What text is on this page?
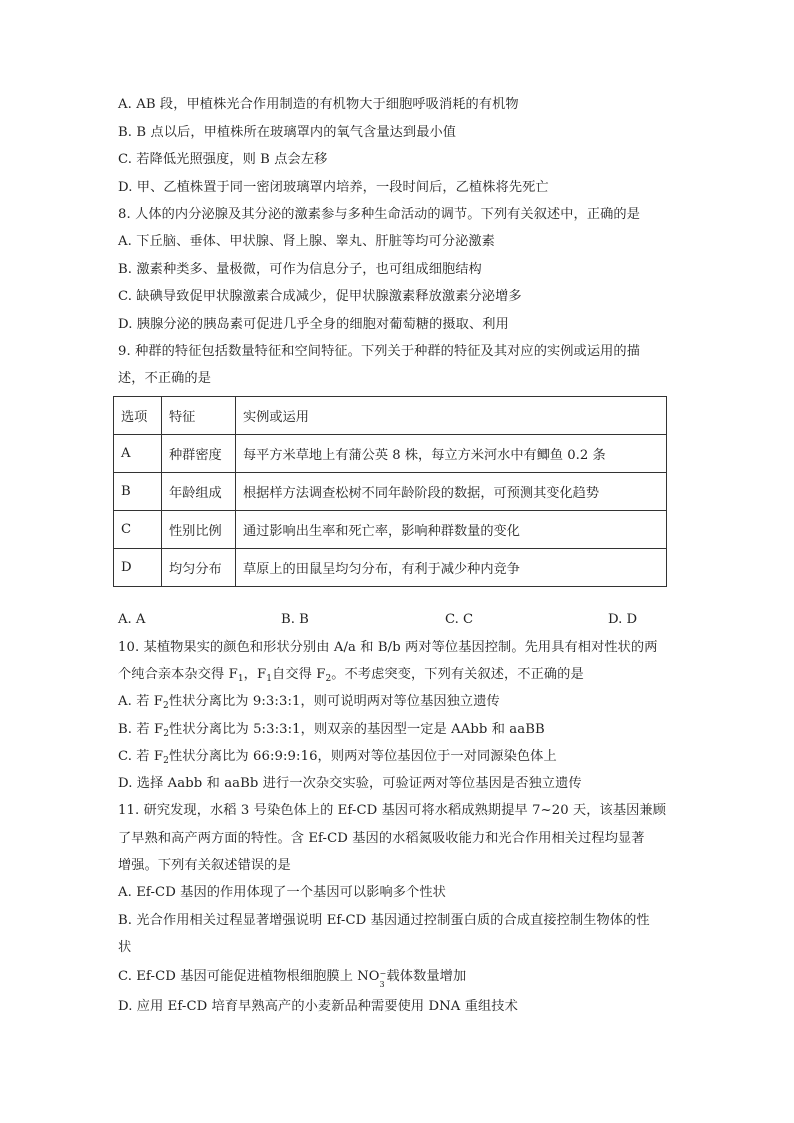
A. AB 段，甲植株光合作用制造的有机物大于细胞呼吸消耗的有机物
B. B 点以后，甲植株所在玻璃罩内的氧气含量达到最小值
C. 若降低光照强度，则 B 点会左移
D. 甲、乙植株置于同一密闭玻璃罩内培养，一段时间后，乙植株将先死亡
8. 人体的内分泌腺及其分泌的激素参与多种生命活动的调节。下列有关叙述中，正确的是
A. 下丘脑、垂体、甲状腺、肾上腺、睾丸、肝脏等均可分泌激素
B. 激素种类多、量极微，可作为信息分子，也可组成细胞结构
C. 缺碘导致促甲状腺激素合成减少，促甲状腺激素释放激素分泌增多
D. 胰腺分泌的胰岛素可促进几乎全身的细胞对葡萄糖的摄取、利用
9. 种群的特征包括数量特征和空间特征。下列关于种群的特征及其对应的实例或运用的描
述，不正确的是
选项	特征	实例或运用
A	种群密度	每平方米草地上有蒲公英 8 株，每立方米河水中有鲫鱼 0.2 条
B	年龄组成	根据样方法调查松树不同年龄阶段的数据，可预测其变化趋势
C	性别比例	通过影响出生率和死亡率，影响种群数量的变化
D	均匀分布	草原上的田鼠呈均匀分布，有利于减少种内竞争
A. A	B. B	C. C	D. D
10. 某植物果实的颜色和形状分别由 A/a 和 B/b 两对等位基因控制。先用具有相对性状的两
个纯合亲本杂交得 $F_1$，$F_1$自交得 $F_2$。不考虑突变，下列有关叙述，不正确的是
A. 若 $F_2$性状分离比为 9:3:3:1，则可说明两对等位基因独立遗传
B. 若 $F_2$性状分离比为 5:3:3:1，则双亲的基因型一定是 AAbb 和 aaBB
C. 若 $F_2$性状分离比为 66:9:9:16，则两对等位基因位于一对同源染色体上
D. 选择 Aabb 和 aaBb 进行一次杂交实验，可验证两对等位基因是否独立遗传
11. 研究发现，水稻 3 号染色体上的 Ef-CD 基因可将水稻成熟期提早 7~20 天，该基因兼顾
了早熟和高产两方面的特性。含 Ef-CD 基因的水稻氮吸收能力和光合作用相关过程均显著
增强。下列有关叙述错误的是
A. Ef-CD 基因的作用体现了一个基因可以影响多个性状
B. 光合作用相关过程显著增强说明 Ef-CD 基因通过控制蛋白质的合成直接控制生物体的性
状
C. Ef-CD 基因可能促进植物根细胞膜上 NO −
3
载体数量增加
D. 应用 Ef-CD 培育早熟高产的小麦新品种需要使用 DNA 重组技术
